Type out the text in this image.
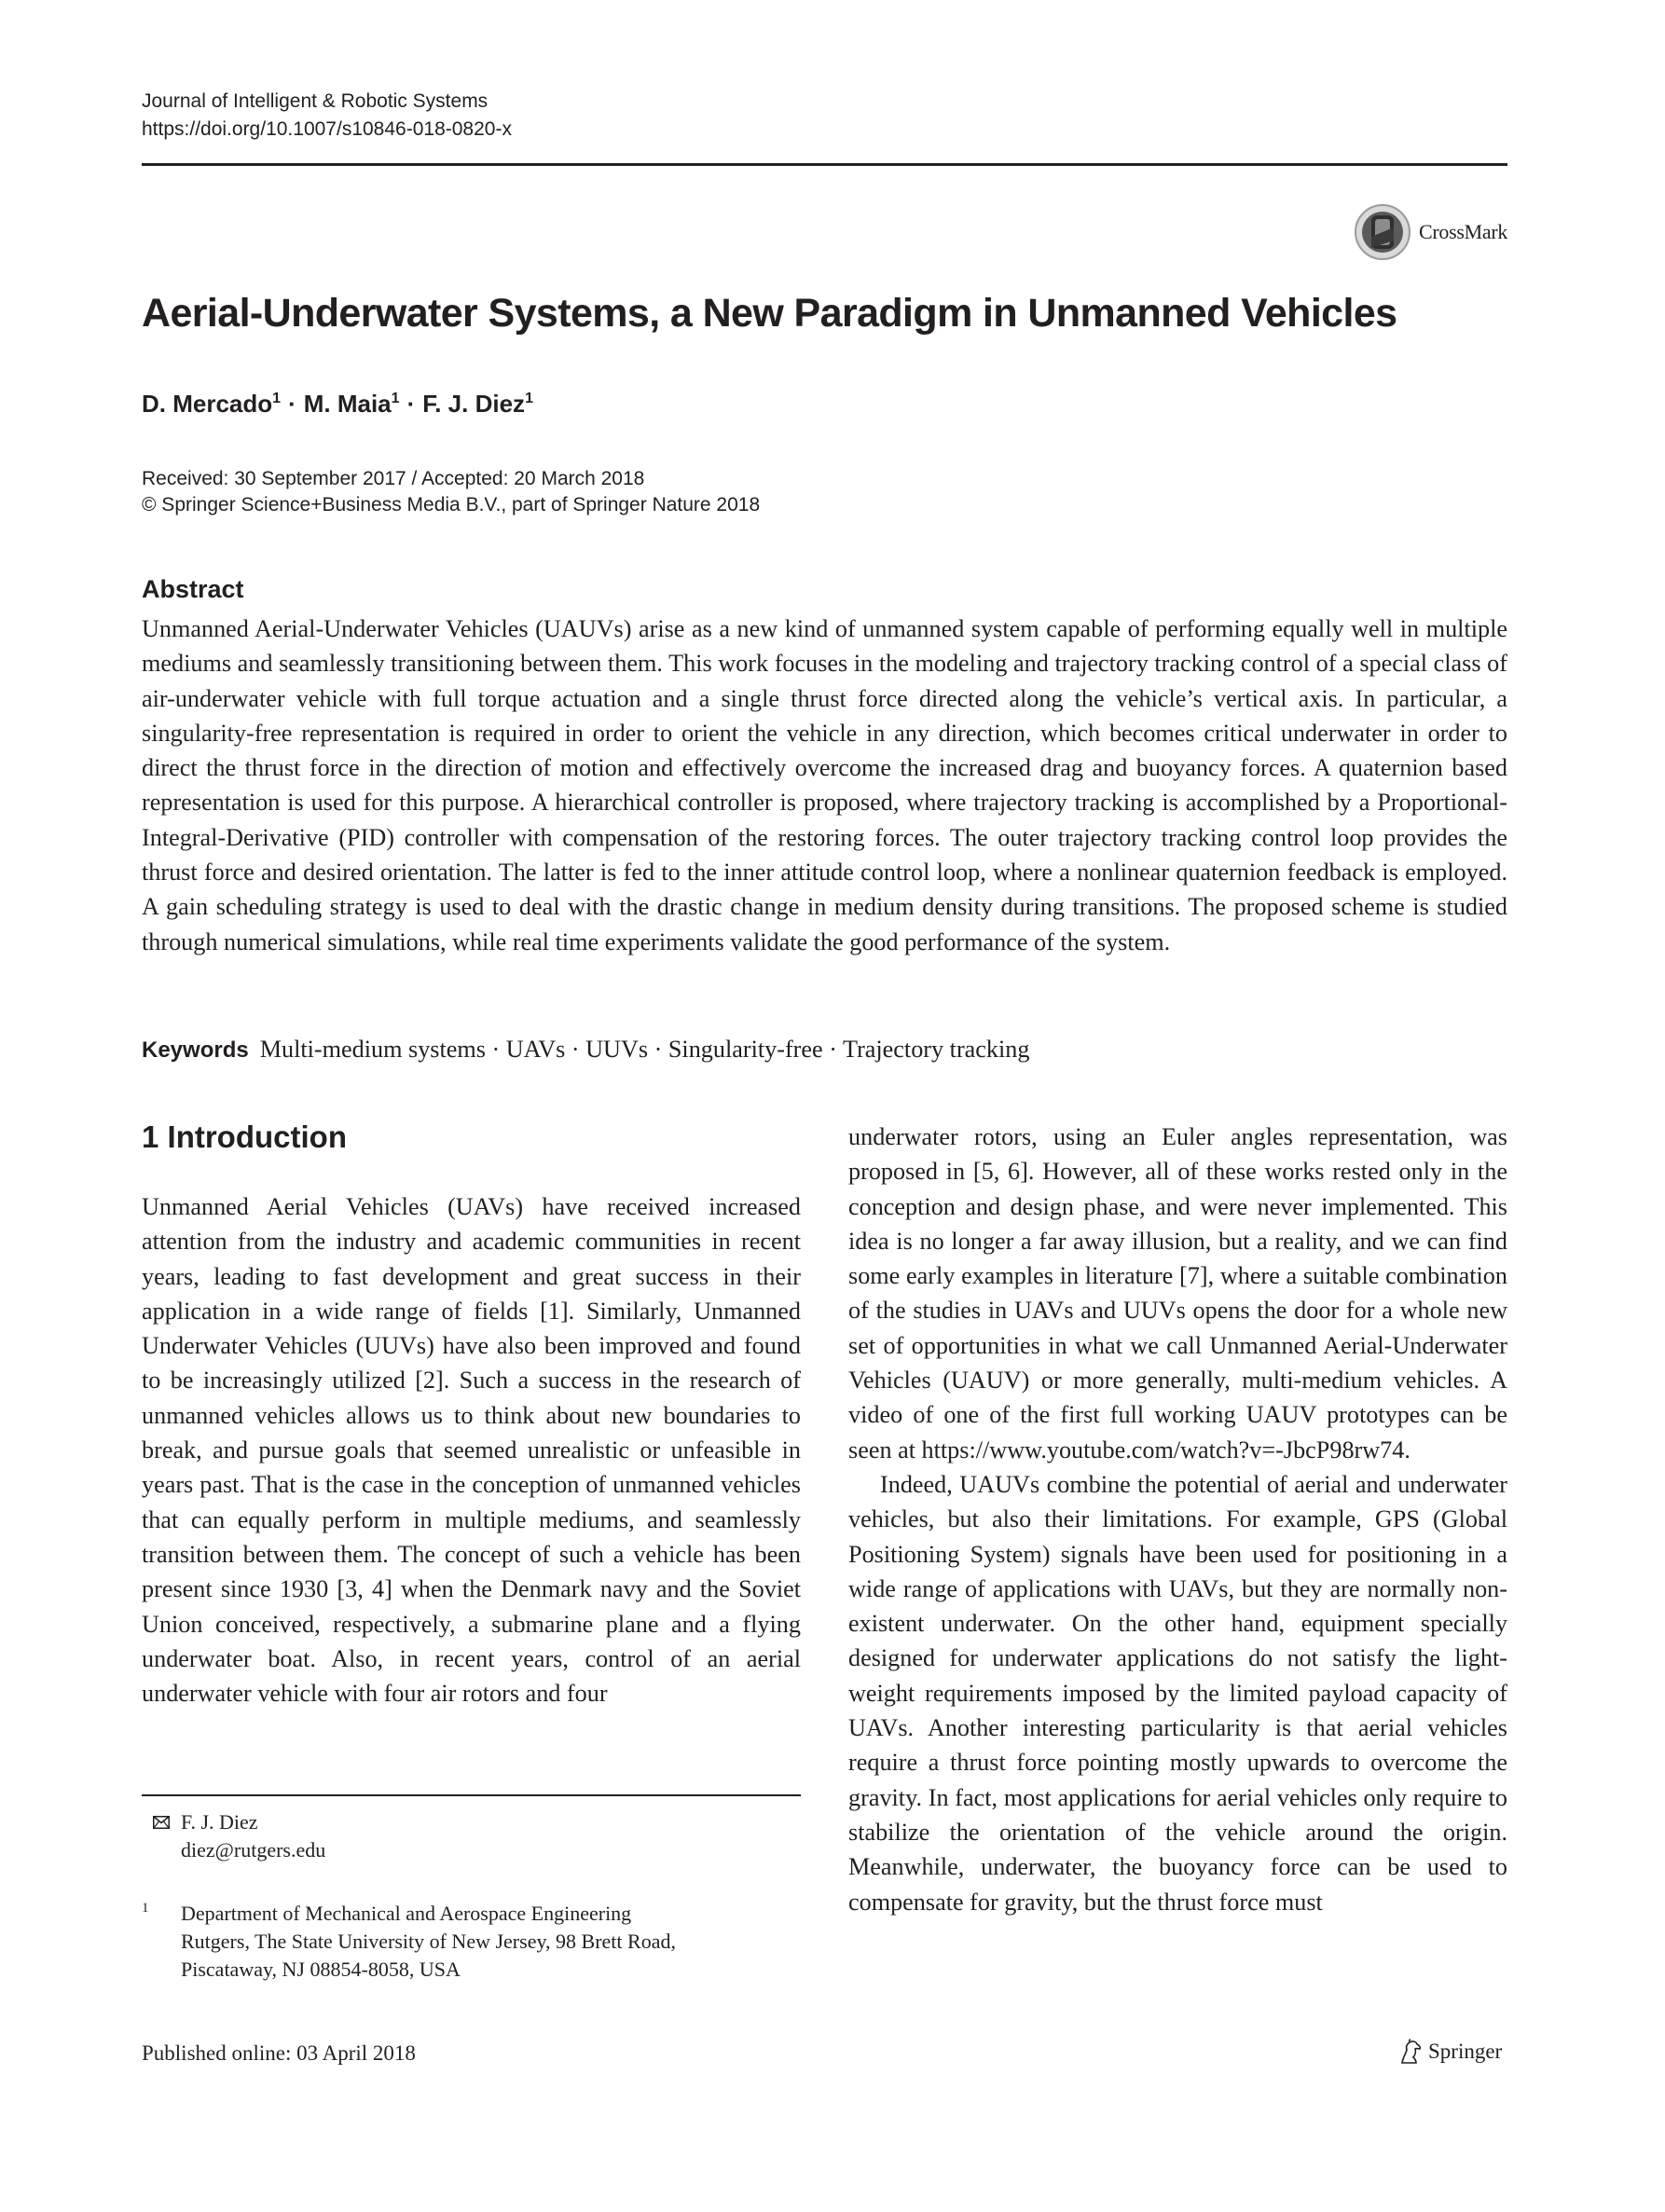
Journal of Intelligent & Robotic Systems
https://doi.org/10.1007/s10846-018-0820-x
CrossMark
Aerial-Underwater Systems, a New Paradigm in Unmanned Vehicles
D. Mercado$^1$ · M. Maia$^1$ · F. J. Diez$^1$
Received: 30 September 2017 / Accepted: 20 March 2018
© Springer Science+Business Media B.V., part of Springer Nature 2018
Abstract
Unmanned Aerial-Underwater Vehicles (UAUVs) arise as a new kind of unmanned system capable of performing equally well in multiple mediums and seamlessly transitioning between them. This work focuses in the modeling and trajectory tracking control of a special class of air-underwater vehicle with full torque actuation and a single thrust force directed along the vehicle’s vertical axis. In particular, a singularity-free representation is required in order to orient the vehicle in any direction, which becomes critical underwater in order to direct the thrust force in the direction of motion and effectively overcome the increased drag and buoyancy forces. A quaternion based representation is used for this purpose. A hierarchical controller is proposed, where trajectory tracking is accomplished by a Proportional-Integral-Derivative (PID) controller with compensation of the restoring forces. The outer trajectory tracking control loop provides the thrust force and desired orientation. The latter is fed to the inner attitude control loop, where a nonlinear quaternion feedback is employed. A gain scheduling strategy is used to deal with the drastic change in medium density during transitions. The proposed scheme is studied through numerical simulations, while real time experiments validate the good performance of the system.
Keywords Multi-medium systems · UAVs · UUVs · Singularity-free · Trajectory tracking
1 Introduction

Unmanned Aerial Vehicles (UAVs) have received increased attention from the industry and academic communities in recent years, leading to fast development and great success in their application in a wide range of fields [1]. Similarly, Unmanned Underwater Vehicles (UUVs) have also been improved and found to be increasingly utilized [2]. Such a success in the research of unmanned vehicles allows us to think about new boundaries to break, and pursue goals that seemed unrealistic or unfeasible in years past. That is the case in the conception of unmanned vehicles that can equally perform in multiple mediums, and seamlessly transition between them. The concept of such a vehicle has been present since 1930 [3, 4] when the Denmark navy and the Soviet Union conceived, respectively, a submarine plane and a flying underwater boat. Also, in recent years, control of an aerial underwater vehicle with four air rotors and four

underwater rotors, using an Euler angles representation, was proposed in [5, 6]. However, all of these works rested only in the conception and design phase, and were never implemented. This idea is no longer a far away illusion, but a reality, and we can find some early examples in literature [7], where a suitable combination of the studies in UAVs and UUVs opens the door for a whole new set of opportunities in what we call Unmanned Aerial-Underwater Vehicles (UAUV) or more generally, multi-medium vehicles. A video of one of the first full working UAUV prototypes can be seen at https://www.youtube.com/watch?v=-JbcP98rw74.

Indeed, UAUVs combine the potential of aerial and underwater vehicles, but also their limitations. For example, GPS (Global Positioning System) signals have been used for positioning in a wide range of applications with UAVs, but they are normally non-existent underwater. On the other hand, equipment specially designed for underwater applications do not satisfy the light-weight requirements imposed by the limited payload capacity of UAVs. Another interesting particularity is that aerial vehicles require a thrust force pointing mostly upwards to overcome the gravity. In fact, most applications for aerial vehicles only require to stabilize the orientation of the vehicle around the origin. Meanwhile, underwater, the buoyancy force can be used to compensate for gravity, but the thrust force must

F. J. Diez
diez@rutgers.edu
1 Department of Mechanical and Aerospace Engineering
Rutgers, The State University of New Jersey, 98 Brett Road,
Piscataway, NJ 08854-8058, USA
Published online: 03 April 2018	Springer
